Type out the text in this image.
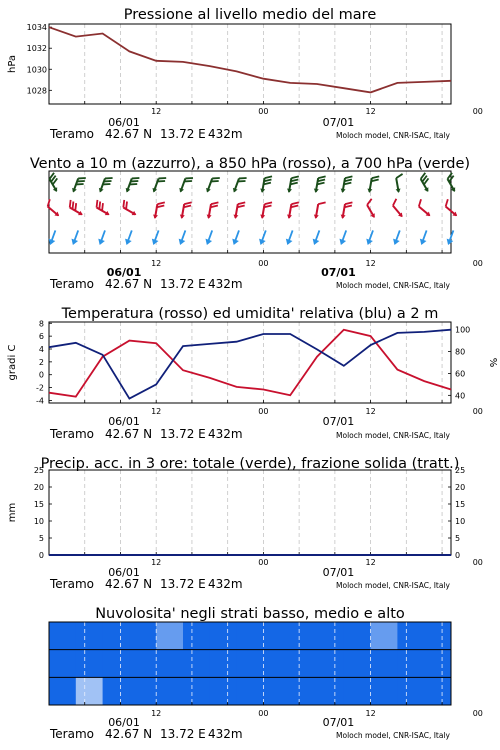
12	00	12	00
06/01	07/01
Teramo 42.67 N 13.72 E 432m	Moloch model, CNR-ISAC, Italy
Pressione al livello medio del mare
1028
1030
1032
1034
hPa
12	00	12	00
06/01	07/01
Teramo 42.67 N 13.72 E 432m	Moloch model, CNR-ISAC, Italy
Vento a 10 m (azzurro), a 850 hPa (rosso), a 700 hPa (verde)
12	00	12	00
06/01	07/01
Teramo 42.67 N 13.72 E 432m	Moloch model, CNR-ISAC, Italy
Temperatura (rosso) ed umidita' relativa (blu) a 2 m
-4
-2
0
2
4
6
8
40
60
80
100
gradi C	%
12	00	12	00
06/01	07/01
Teramo 42.67 N 13.72 E 432m	Moloch model, CNR-ISAC, Italy
Precip. acc. in 3 ore: totale (verde), frazione solida (tratt.)
0	0
5	5
10	10
15	15
20	20
25	25
mm
12	00	12	00
06/01	07/01
Teramo 42.67 N 13.72 E 432m	Moloch model, CNR-ISAC, Italy
Nuvolosita' negli strati basso, medio e alto
